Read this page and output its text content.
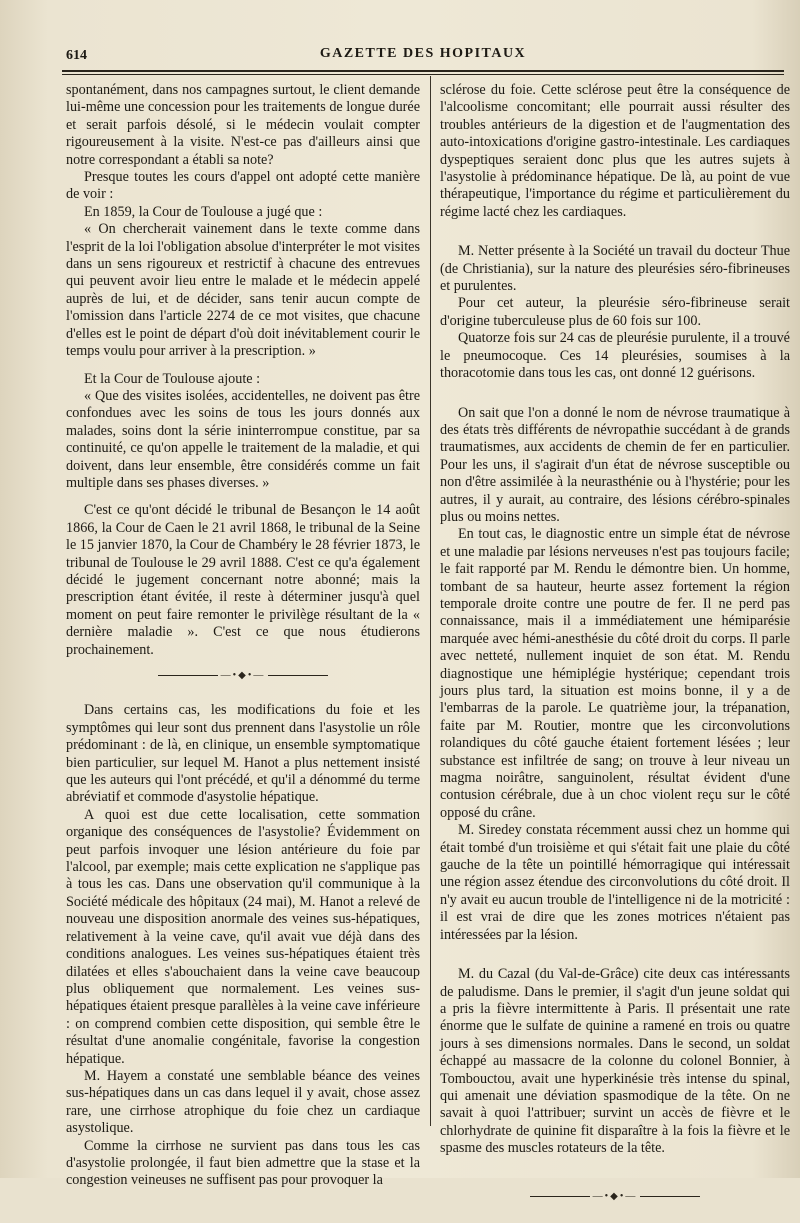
614	GAZETTE DES HOPITAUX

spontanément, dans nos campagnes surtout, le client demande lui-même une concession pour les traitements de longue durée et serait parfois désolé, si le médecin voulait compter rigoureusement à la visite. N'est-ce pas d'ailleurs ainsi que notre correspondant a établi sa note?

Presque toutes les cours d'appel ont adopté cette manière de voir :

En 1859, la Cour de Toulouse a jugé que :

« On chercherait vainement dans le texte comme dans l'esprit de la loi l'obligation absolue d'interpréter le mot visites dans un sens rigoureux et restrictif à chacune des entrevues qui peuvent avoir lieu entre le malade et le médecin appelé auprès de lui, et de décider, sans tenir aucun compte de l'omission dans l'article 2274 de ce mot visites, que chacune d'elles est le point de départ d'où doit inévitablement courir le temps voulu pour arriver à la prescription. »

Et la Cour de Toulouse ajoute :

« Que des visites isolées, accidentelles, ne doivent pas être confondues avec les soins de tous les jours donnés aux malades, soins dont la série ininterrompue constitue, par sa continuité, ce qu'on appelle le traitement de la maladie, et qui doivent, dans leur ensemble, être considérés comme un fait multiple dans ses phases diverses. »

C'est ce qu'ont décidé le tribunal de Besançon le 14 août 1866, la Cour de Caen le 21 avril 1868, le tribunal de la Seine le 15 janvier 1870, la Cour de Chambéry le 28 février 1873, le tribunal de Toulouse le 29 avril 1888. C'est ce qu'a également décidé le jugement concernant notre abonné; mais la prescription étant évitée, il reste à déterminer jusqu'à quel moment on peut faire remonter le privilège résultant de la « dernière maladie ». C'est ce que nous étudierons prochainement.

—•◆•—

Dans certains cas, les modifications du foie et les symptômes qui leur sont dus prennent dans l'asystolie un rôle prédominant : de là, en clinique, un ensemble symptomatique bien particulier, sur lequel M. Hanot a plus nettement insisté que les auteurs qui l'ont précédé, et qu'il a dénommé du terme abréviatif et commode d'asystolie hépatique.

A quoi est due cette localisation, cette sommation organique des conséquences de l'asystolie? Évidemment on peut parfois invoquer une lésion antérieure du foie par l'alcool, par exemple; mais cette explication ne s'applique pas à tous les cas. Dans une observation qu'il communique à la Société médicale des hôpitaux (24 mai), M. Hanot a relevé de nouveau une disposition anormale des veines sus-hépatiques, relativement à la veine cave, qu'il avait vue déjà dans des conditions analogues. Les veines sus-hépatiques étaient très dilatées et elles s'abouchaient dans la veine cave beaucoup plus obliquement que normalement. Les veines sus-hépatiques étaient presque parallèles à la veine cave inférieure : on comprend combien cette disposition, qui semble être le résultat d'une anomalie congénitale, favorise la congestion hépatique.

M. Hayem a constaté une semblable béance des veines sus-hépatiques dans un cas dans lequel il y avait, chose assez rare, une cirrhose atrophique du foie chez un cardiaque asystolique.

Comme la cirrhose ne survient pas dans tous les cas d'asystolie prolongée, il faut bien admettre que la stase et la congestion veineuses ne suffisent pas pour provoquer la

sclérose du foie. Cette sclérose peut être la conséquence de l'alcoolisme concomitant; elle pourrait aussi résulter des troubles antérieurs de la digestion et de l'augmentation des auto-intoxications d'origine gastro-intestinale. Les cardiaques dyspeptiques seraient donc plus que les autres sujets à l'asystolie à prédominance hépatique. De là, au point de vue thérapeutique, l'importance du régime et particulièrement du régime lacté chez les cardiaques.

M. Netter présente à la Société un travail du docteur Thue (de Christiania), sur la nature des pleurésies séro-fibrineuses et purulentes.

Pour cet auteur, la pleurésie séro-fibrineuse serait d'origine tuberculeuse plus de 60 fois sur 100.

Quatorze fois sur 24 cas de pleurésie purulente, il a trouvé le pneumocoque. Ces 14 pleurésies, soumises à la thoracotomie dans tous les cas, ont donné 12 guérisons.

On sait que l'on a donné le nom de névrose traumatique à des états très différents de névropathie succédant à de grands traumatismes, aux accidents de chemin de fer en particulier. Pour les uns, il s'agirait d'un état de névrose susceptible ou non d'être assimilée à la neurasthénie ou à l'hystérie; pour les autres, il y aurait, au contraire, des lésions cérébro-spinales plus ou moins nettes.

En tout cas, le diagnostic entre un simple état de névrose et une maladie par lésions nerveuses n'est pas toujours facile; le fait rapporté par M. Rendu le démontre bien. Un homme, tombant de sa hauteur, heurte assez fortement la région temporale droite contre une poutre de fer. Il ne perd pas connaissance, mais il a immédiatement une hémiparésie marquée avec hémi-anesthésie du côté droit du corps. Il parle avec netteté, nullement inquiet de son état. M. Rendu diagnostique une hémiplégie hystérique; cependant trois jours plus tard, la situation est moins bonne, il y a de l'embarras de la parole. Le quatrième jour, la trépanation, faite par M. Routier, montre que les circonvolutions rolandiques du côté gauche étaient fortement lésées ; leur substance est infiltrée de sang; on trouve à leur niveau un magma noirâtre, sanguinolent, résultat évident d'une contusion cérébrale, due à un choc violent reçu sur le côté opposé du crâne.

M. Siredey constata récemment aussi chez un homme qui était tombé d'un troisième et qui s'était fait une plaie du côté gauche de la tête un pointillé hémorragique qui intéressait une région assez étendue des circonvolutions du côté droit. Il n'y avait eu aucun trouble de l'intelligence ni de la motricité : il est vrai de dire que les zones motrices n'étaient pas intéressées par la lésion.

M. du Cazal (du Val-de-Grâce) cite deux cas intéressants de paludisme. Dans le premier, il s'agit d'un jeune soldat qui a pris la fièvre intermittente à Paris. Il présentait une rate énorme que le sulfate de quinine a ramené en trois ou quatre jours à ses dimensions normales. Dans le second, un soldat échappé au massacre de la colonne du colonel Bonnier, à Tombouctou, avait une hyperkinésie très intense du spinal, qui amenait une déviation spasmodique de la tête. On ne savait à quoi l'attribuer; survint un accès de fièvre et le chlorhydrate de quinine fit disparaître à la fois la fièvre et le spasme des muscles rotateurs de la tête.

—•◆•—
